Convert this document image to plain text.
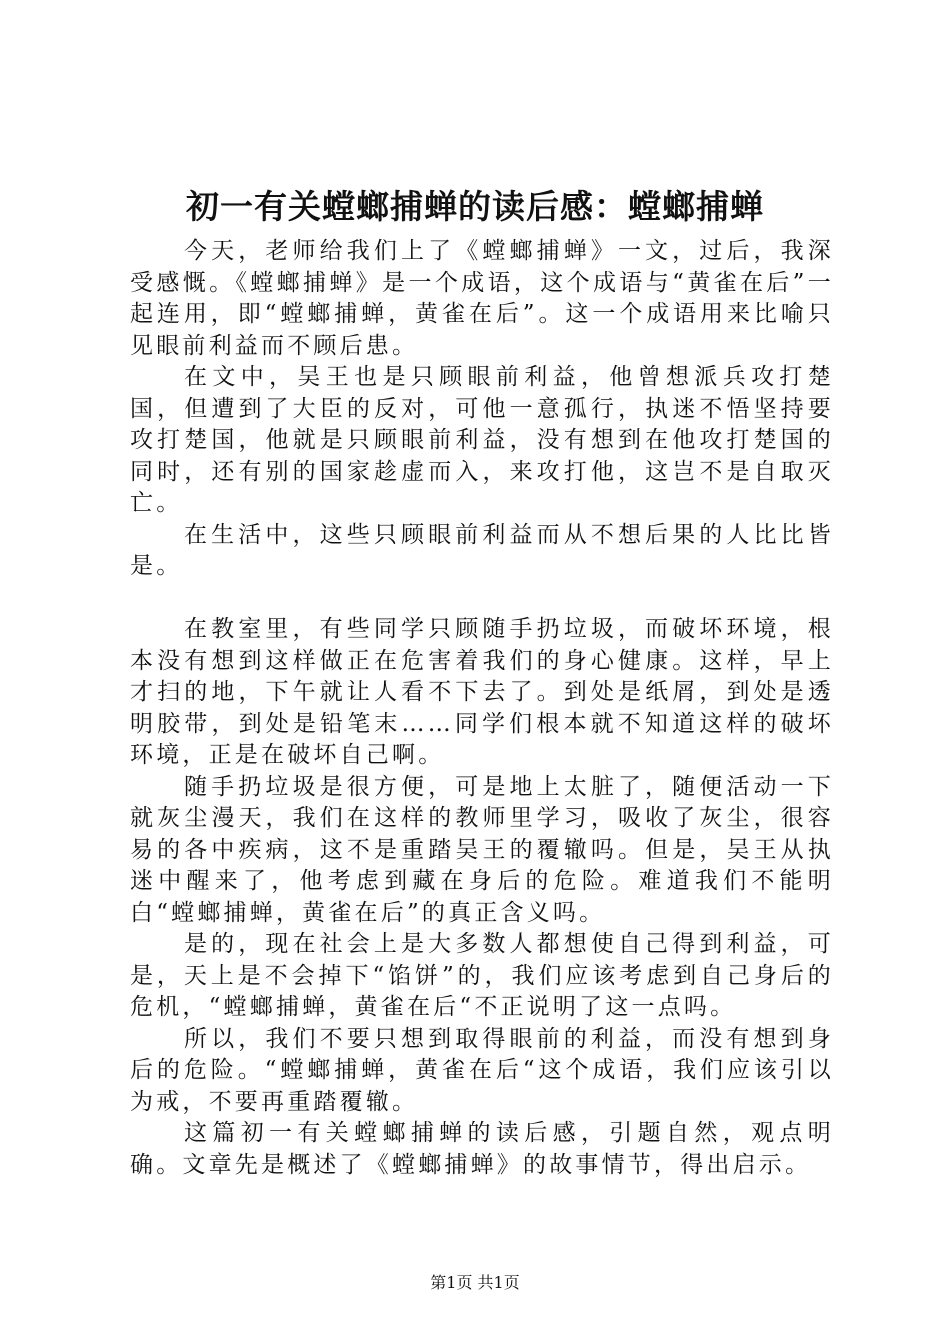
初一有关螳螂捕蝉的读后感：螳螂捕蝉

今天，老师给我们上了《螳螂捕蝉》一文，过后，我深受感慨。《螳螂捕蝉》是一个成语，这个成语与“黄雀在后”一起连用，即“螳螂捕蝉，黄雀在后”。这一个成语用来比喻只见眼前利益而不顾后患。

在文中，吴王也是只顾眼前利益，他曾想派兵攻打楚国，但遭到了大臣的反对，可他一意孤行，执迷不悟坚持要攻打楚国，他就是只顾眼前利益，没有想到在他攻打楚国的同时，还有别的国家趁虚而入，来攻打他，这岂不是自取灭亡。

在生活中，这些只顾眼前利益而从不想后果的人比比皆是。

在教室里，有些同学只顾随手扔垃圾，而破坏环境，根本没有想到这样做正在危害着我们的身心健康。这样，早上才扫的地，下午就让人看不下去了。到处是纸屑，到处是透明胶带，到处是铅笔末……同学们根本就不知道这样的破坏环境，正是在破坏自己啊。

随手扔垃圾是很方便，可是地上太脏了，随便活动一下就灰尘漫天，我们在这样的教师里学习，吸收了灰尘，很容易的各中疾病，这不是重踏吴王的覆辙吗。但是，吴王从执迷中醒来了，他考虑到藏在身后的危险。难道我们不能明白“螳螂捕蝉，黄雀在后”的真正含义吗。

是的，现在社会上是大多数人都想使自己得到利益，可是，天上是不会掉下“馅饼”的，我们应该考虑到自己身后的危机，“螳螂捕蝉，黄雀在后“不正说明了这一点吗。

所以，我们不要只想到取得眼前的利益，而没有想到身后的危险。“螳螂捕蝉，黄雀在后“这个成语，我们应该引以为戒，不要再重踏覆辙。

这篇初一有关螳螂捕蝉的读后感，引题自然，观点明确。文章先是概述了《螳螂捕蝉》的故事情节，得出启示。

第1页 共1页
